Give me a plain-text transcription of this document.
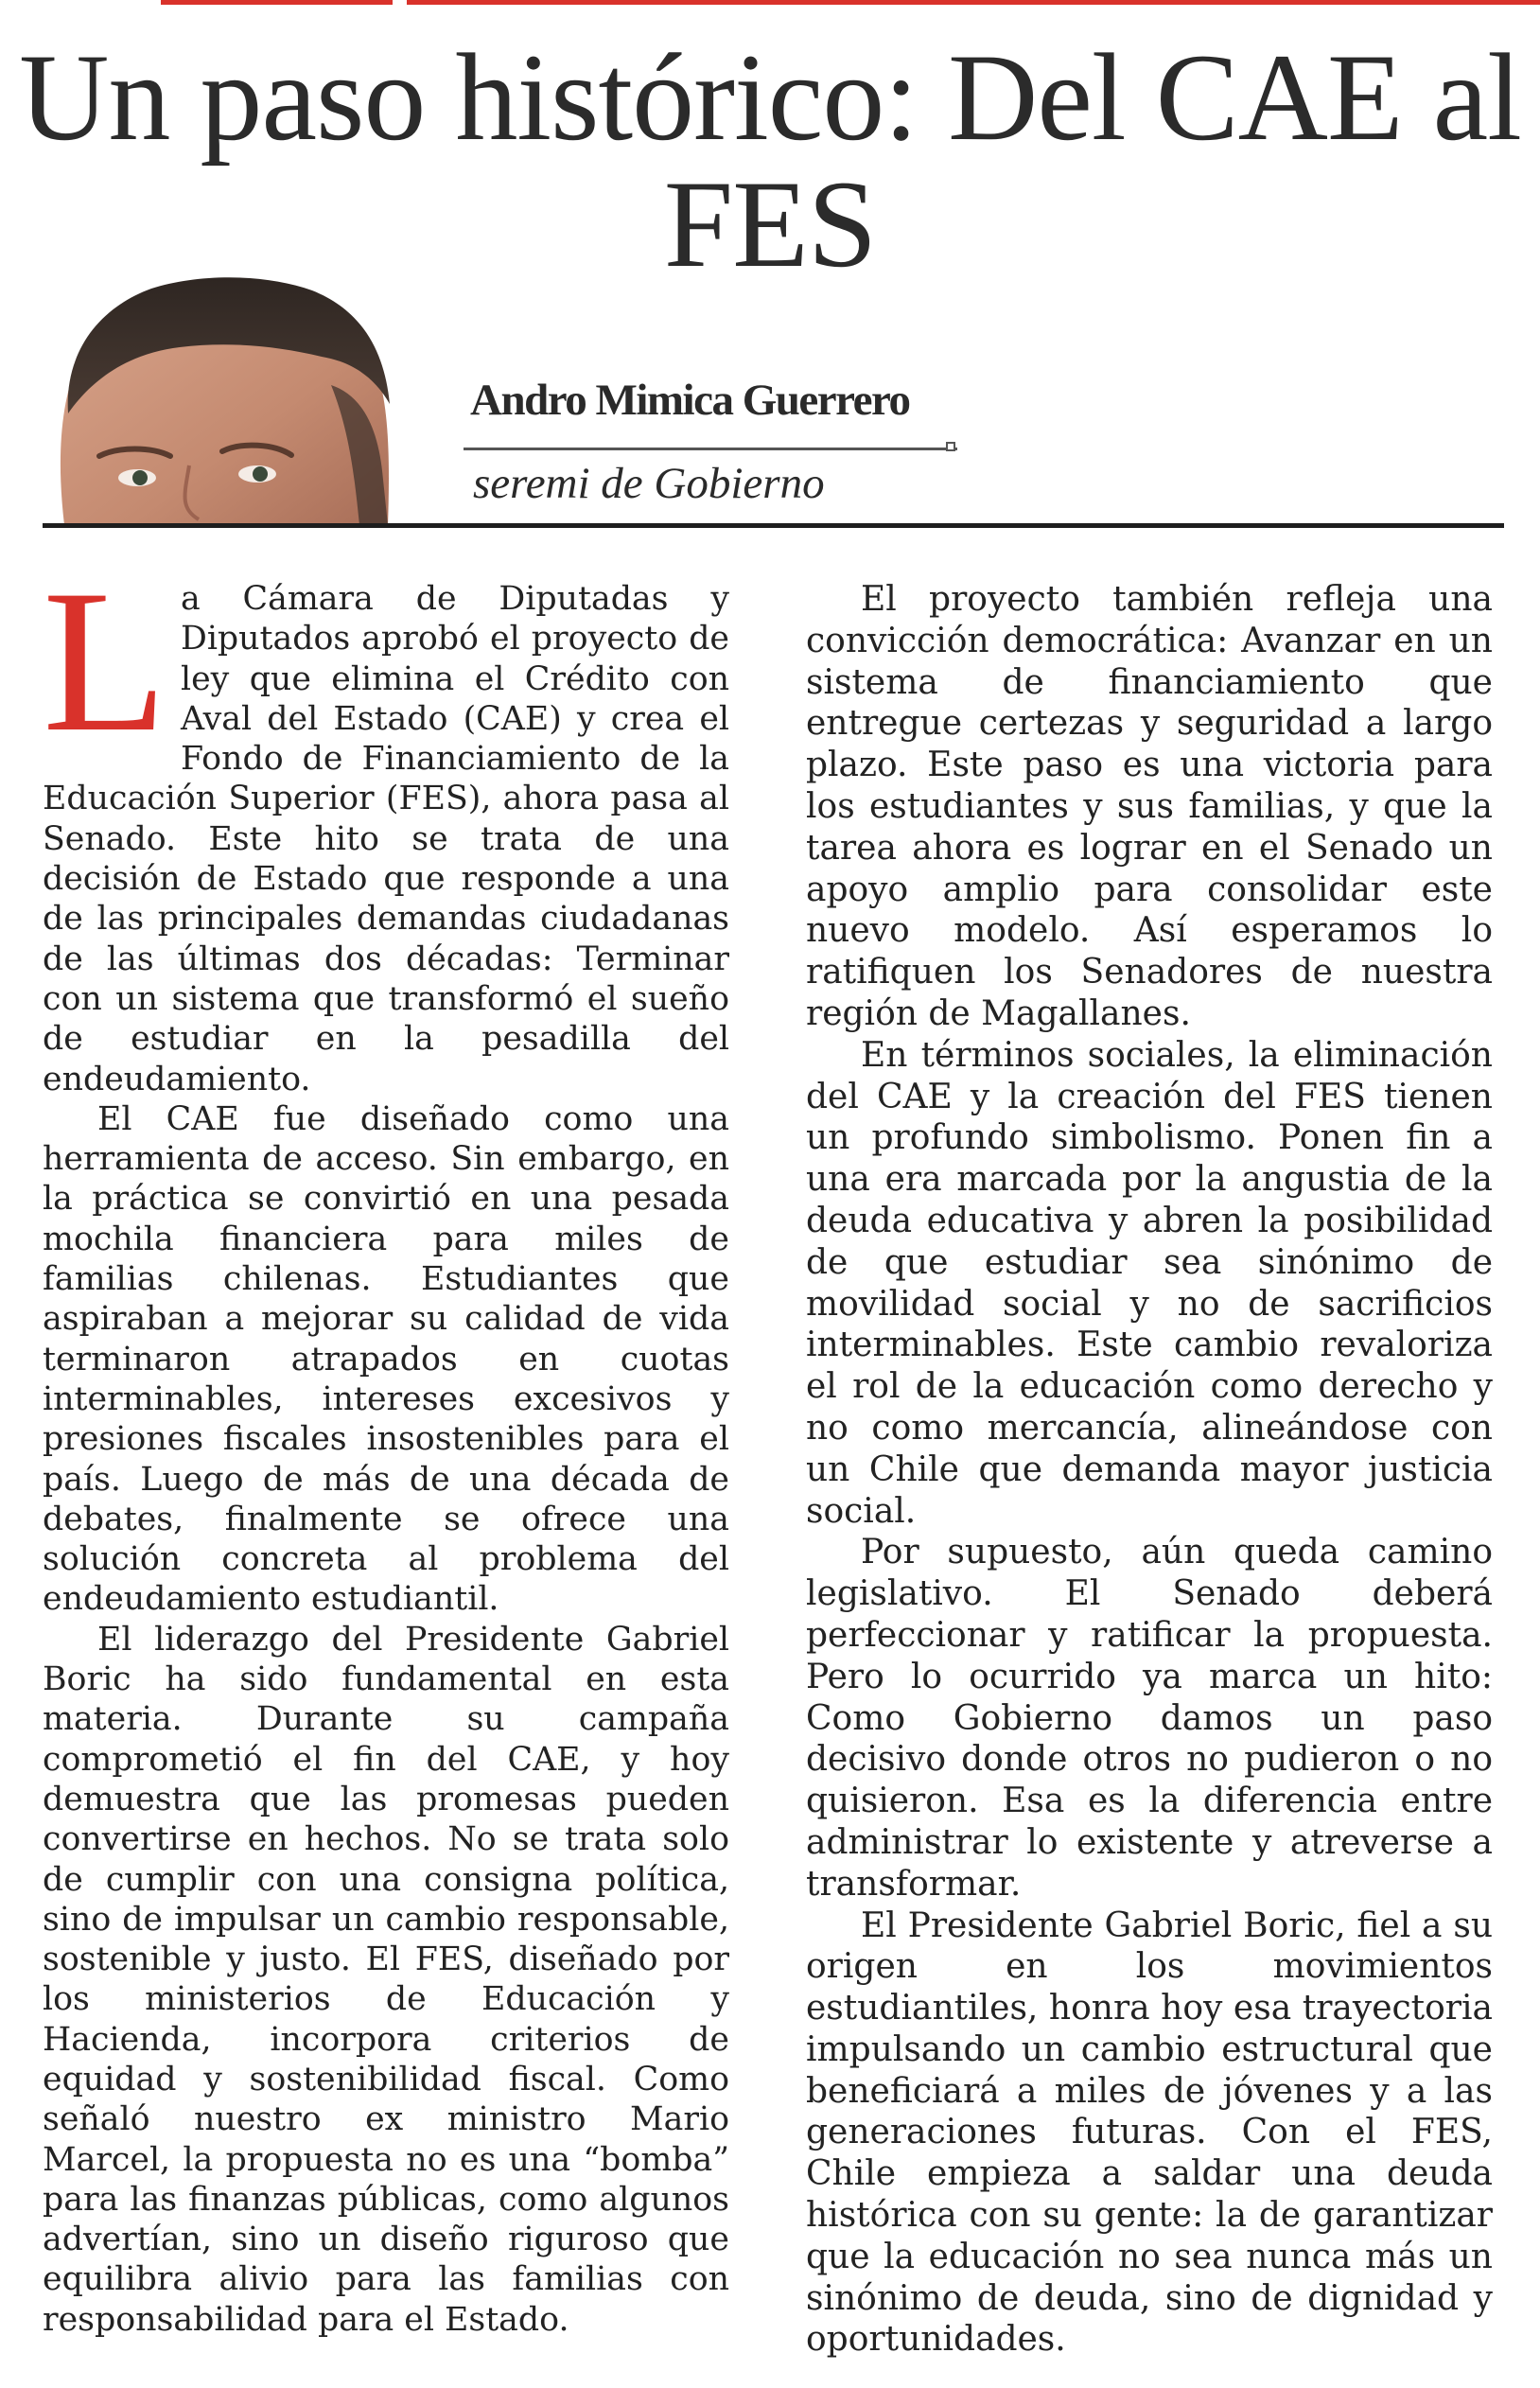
Un paso histórico: Del CAE al FES
Andro Mimica Guerrero
seremi de Gobierno

La Cámara de Diputadas y Diputados aprobó el proyecto de ley que elimina el Crédito con Aval del Estado (CAE) y crea el Fondo de Financiamiento de la Educación Superior (FES), ahora pasa al Senado. Este hito se trata de una decisión de Estado que responde a una de las principales demandas ciudadanas de las últimas dos décadas: Terminar con un sistema que transformó el sueño de estudiar en la pesadilla del endeudamiento.

El CAE fue diseñado como una herramienta de acceso. Sin embargo, en la práctica se convirtió en una pesada mochila financiera para miles de familias chilenas. Estudiantes que aspiraban a mejorar su calidad de vida terminaron atrapados en cuotas interminables, intereses excesivos y presiones fiscales insostenibles para el país. Luego de más de una década de debates, finalmente se ofrece una solución concreta al problema del endeudamiento estudiantil.

El liderazgo del Presidente Gabriel Boric ha sido fundamental en esta materia. Durante su campaña comprometió el fin del CAE, y hoy demuestra que las promesas pueden convertirse en hechos. No se trata solo de cumplir con una consigna política, sino de impulsar un cambio responsable, sostenible y justo. El FES, diseñado por los ministerios de Educación y Hacienda, incorpora criterios de equidad y sostenibilidad fiscal. Como señaló nuestro ex ministro Mario Marcel, la propuesta no es una “bomba” para las finanzas públicas, como algunos advertían, sino un diseño riguroso que equilibra alivio para las familias con responsabilidad para el Estado.

El proyecto también refleja una convicción democrática: Avanzar en un sistema de financiamiento que entregue certezas y seguridad a largo plazo. Este paso es una victoria para los estudiantes y sus familias, y que la tarea ahora es lograr en el Senado un apoyo amplio para consolidar este nuevo modelo. Así esperamos lo ratifiquen los Senadores de nuestra región de Magallanes.

En términos sociales, la eliminación del CAE y la creación del FES tienen un profundo simbolismo. Ponen fin a una era marcada por la angustia de la deuda educativa y abren la posibilidad de que estudiar sea sinónimo de movilidad social y no de sacrificios interminables. Este cambio revaloriza el rol de la educación como derecho y no como mercancía, alineándose con un Chile que demanda mayor justicia social.

Por supuesto, aún queda camino legislativo. El Senado deberá perfeccionar y ratificar la propuesta. Pero lo ocurrido ya marca un hito: Como Gobierno damos un paso decisivo donde otros no pudieron o no quisieron. Esa es la diferencia entre administrar lo existente y atreverse a transformar.

El Presidente Gabriel Boric, fiel a su origen en los movimientos estudiantiles, honra hoy esa trayectoria impulsando un cambio estructural que beneficiará a miles de jóvenes y a las generaciones futuras. Con el FES, Chile empieza a saldar una deuda histórica con su gente: la de garantizar que la educación no sea nunca más un sinónimo de deuda, sino de dignidad y oportunidades.
